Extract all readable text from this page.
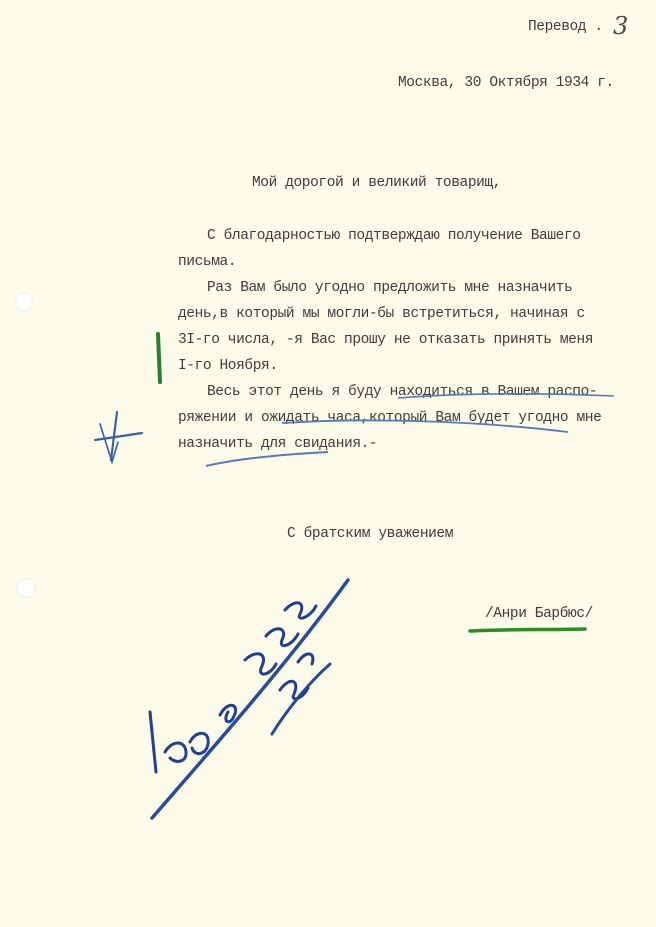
Перевод . 3
Москва, 30 Октября 1934 г.
Мой дорогой и великий товарищ,
С благодарностью подтверждаю получение Вашего
письма.
Раз Вам было угодно предложить мне назначить
день,в который мы могли-бы встретиться, начиная с
3I-го числа, -я Вас прошу не отказать принять меня
I-го Ноября.
Весь этот день я буду находиться в Вашем распо-
ряжении и ожидать часа,который Вам будет угодно мне
назначить для свидания.-
С братским уважением
/Анри Барбюс/
